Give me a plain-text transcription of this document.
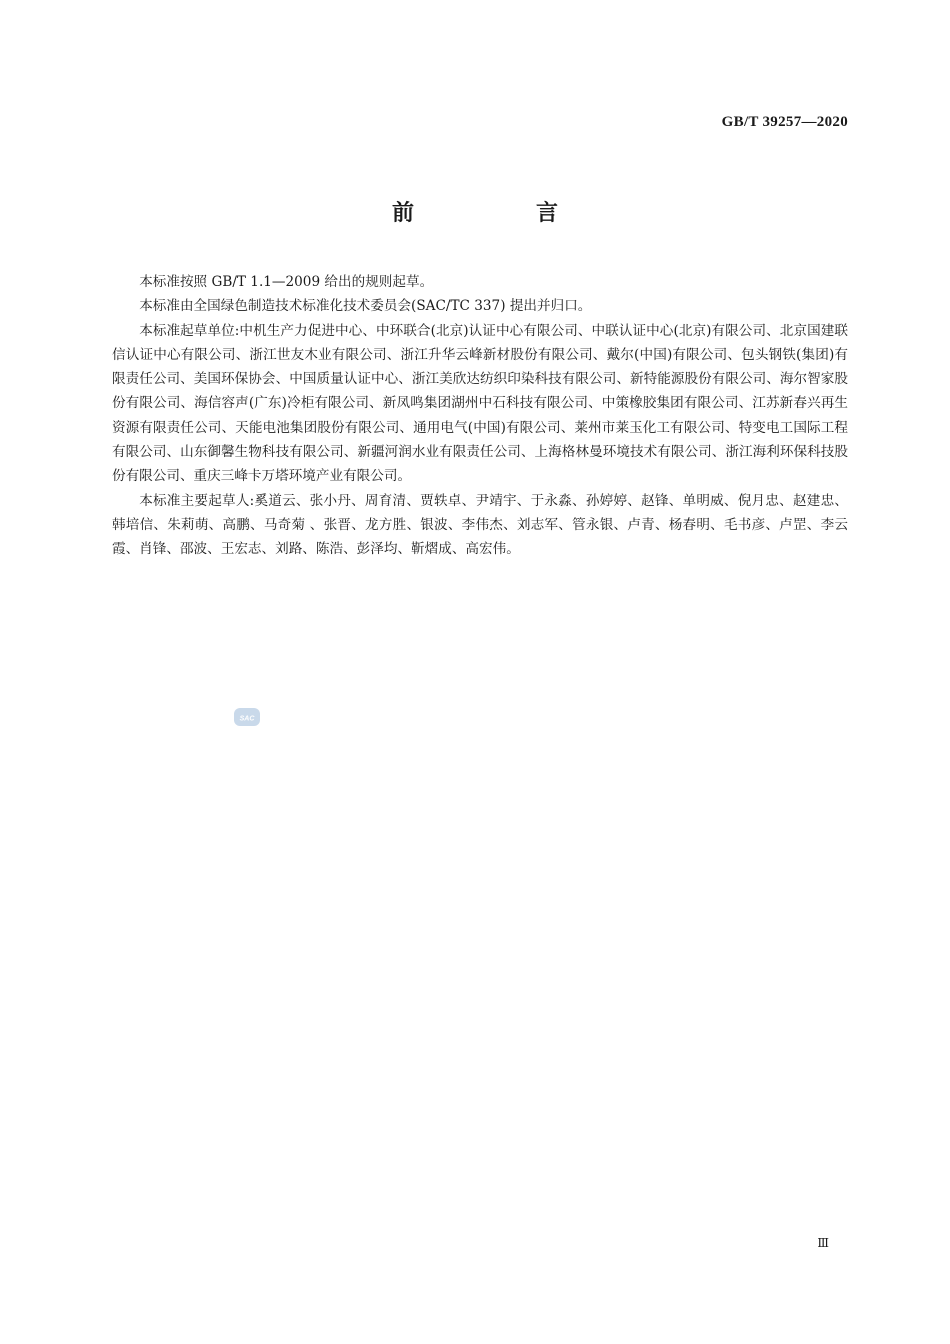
GB/T 39257—2020
前　言

本标准按照 GB/T 1.1—2009 给出的规则起草。

本标准由全国绿色制造技术标准化技术委员会(SAC/TC 337) 提出并归口。

本标准起草单位:中机生产力促进中心、中环联合(北京)认证中心有限公司、中联认证中心(北京)有限公司、北京国建联信认证中心有限公司、浙江世友木业有限公司、浙江升华云峰新材股份有限公司、戴尔(中国)有限公司、包头钢铁(集团)有限责任公司、美国环保协会、中国质量认证中心、浙江美欣达纺织印染科技有限公司、新特能源股份有限公司、海尔智家股份有限公司、海信容声(广东)冷柜有限公司、新凤鸣集团湖州中石科技有限公司、中策橡胶集团有限公司、江苏新春兴再生资源有限责任公司、天能电池集团股份有限公司、通用电气(中国)有限公司、莱州市莱玉化工有限公司、特变电工国际工程有限公司、山东御馨生物科技有限公司、新疆河润水业有限责任公司、上海格林曼环境技术有限公司、浙江海利环保科技股份有限公司、重庆三峰卡万塔环境产业有限公司。

本标准主要起草人:奚道云、张小丹、周育清、贾轶卓、尹靖宇、于永淼、孙婷婷、赵锋、单明威、倪月忠、赵建忠、韩培信、朱莉萌、高鹏、马奇菊 、张晋、龙方胜、银波、李伟杰、刘志军、管永银、卢青、杨春明、毛书彦、卢罡、李云霞、肖锋、邵波、王宏志、刘路、陈浩、彭泽均、靳熠成、高宏伟。

SAC
Ⅲ
